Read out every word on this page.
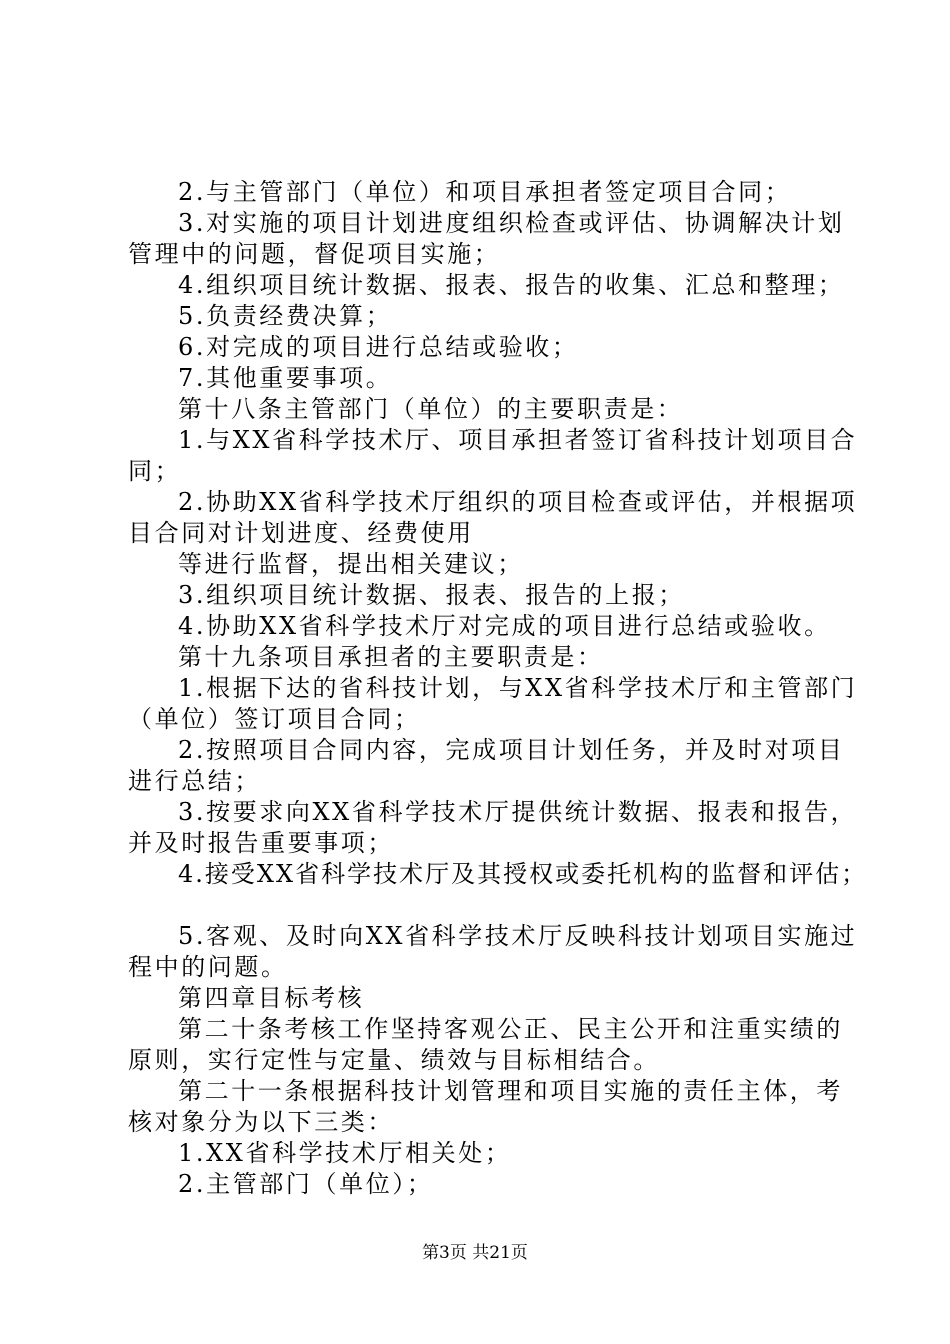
2.与主管部门（单位）和项目承担者签定项目合同；
3.对实施的项目计划进度组织检查或评估、协调解决计划
管理中的问题，督促项目实施；
4.组织项目统计数据、报表、报告的收集、汇总和整理；
5.负责经费决算；
6.对完成的项目进行总结或验收；
7.其他重要事项。
第十八条主管部门（单位）的主要职责是：
1.与XX省科学技术厅、项目承担者签订省科技计划项目合
同；
2.协助XX省科学技术厅组织的项目检查或评估，并根据项
目合同对计划进度、经费使用
等进行监督，提出相关建议；
3.组织项目统计数据、报表、报告的上报；
4.协助XX省科学技术厅对完成的项目进行总结或验收。
第十九条项目承担者的主要职责是：
1.根据下达的省科技计划，与XX省科学技术厅和主管部门
（单位）签订项目合同；
2.按照项目合同内容，完成项目计划任务，并及时对项目
进行总结；
3.按要求向XX省科学技术厅提供统计数据、报表和报告，
并及时报告重要事项；
4.接受XX省科学技术厅及其授权或委托机构的监督和评估；
5.客观、及时向XX省科学技术厅反映科技计划项目实施过
程中的问题。
第四章目标考核
第二十条考核工作坚持客观公正、民主公开和注重实绩的
原则，实行定性与定量、绩效与目标相结合。
第二十一条根据科技计划管理和项目实施的责任主体，考
核对象分为以下三类：
1.XX省科学技术厅相关处；
2.主管部门（单位）；
第3页 共21页
